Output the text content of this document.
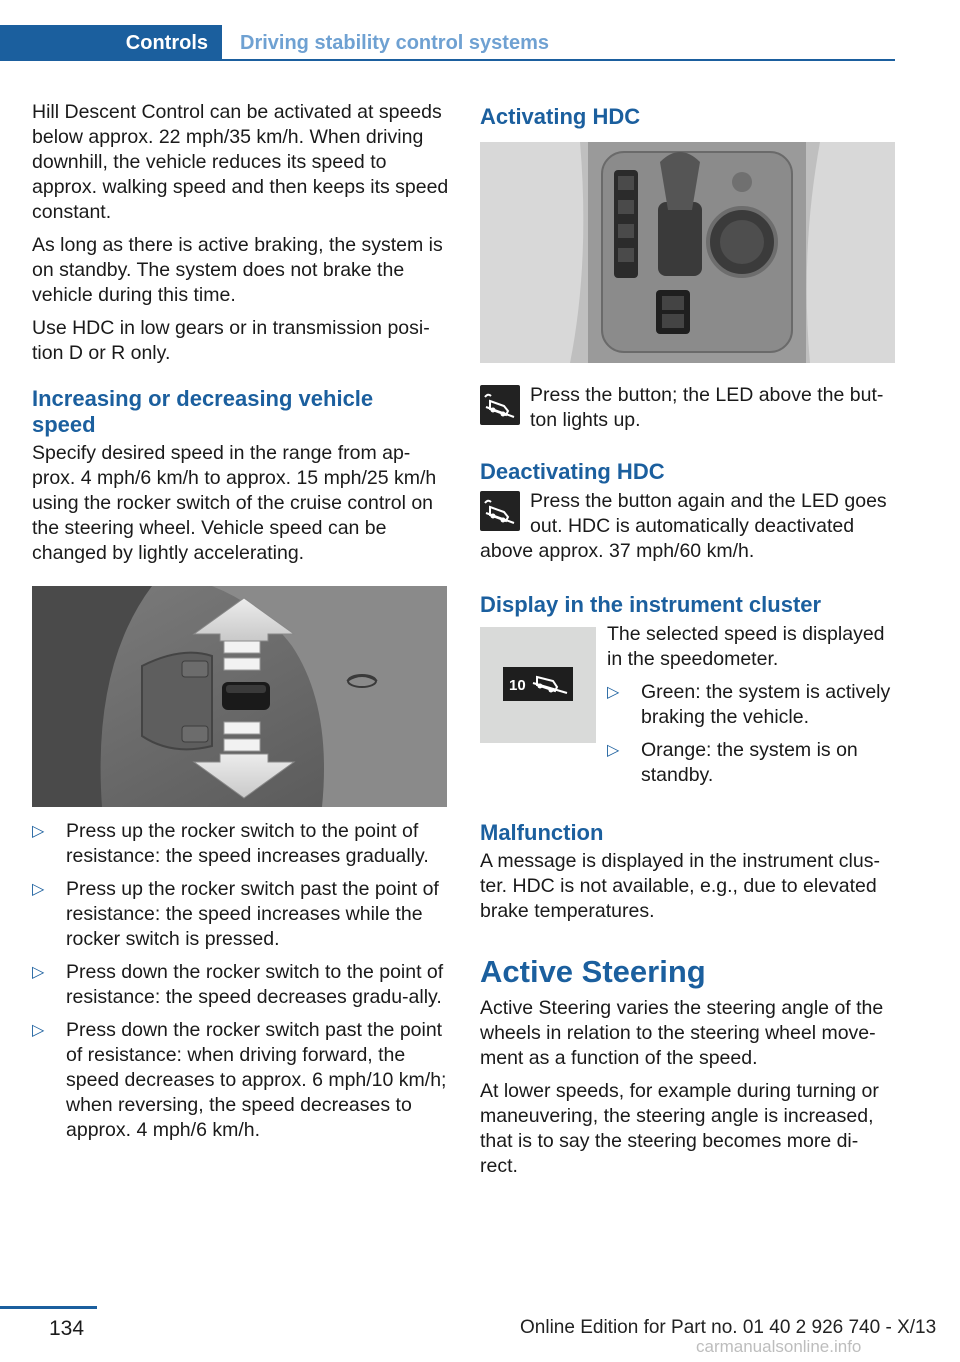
Controls	Driving stability control systems

Hill Descent Control can be activated at speeds below approx. 22 mph/35 km/h. When driving downhill, the vehicle reduces its speed to approx. walking speed and then keeps its speed constant.

As long as there is active braking, the system is on standby. The system does not brake the vehicle during this time.

Use HDC in low gears or in transmission posi-tion D or R only.

Increasing or decreasing vehicle speed

Specify desired speed in the range from ap-prox. 4 mph/6 km/h to approx. 15 mph/25 km/h using the rocker switch of the cruise control on the steering wheel. Vehicle speed can be changed by lightly accelerating.

▷ Press up the rocker switch to the point of resistance: the speed increases gradually.
▷ Press up the rocker switch past the point of resistance: the speed increases while the rocker switch is pressed.
▷ Press down the rocker switch to the point of resistance: the speed decreases gradu-ally.
▷ Press down the rocker switch past the point of resistance: when driving forward, the speed decreases to approx. 6 mph/10 km/h; when reversing, the speed decreases to approx. 4 mph/6 km/h.
Activating HDC

Press the button; the LED above the but-ton lights up.

Deactivating HDC

Press the button again and the LED goes out. HDC is automatically deactivated above approx. 37 mph/60 km/h.

Display in the instrument cluster
10

The selected speed is displayed in the speedometer.

▷ Green: the system is actively braking the vehicle.
▷ Orange: the system is on standby.
Malfunction

A message is displayed in the instrument clus-ter. HDC is not available, e.g., due to elevated brake temperatures.

Active Steering

Active Steering varies the steering angle of the wheels in relation to the steering wheel move-ment as a function of the speed.

At lower speeds, for example during turning or maneuvering, the steering angle is increased, that is to say the steering becomes more di-rect.

134	Online Edition for Part no. 01 40 2 926 740 - X/13
carmanualsonline.info
